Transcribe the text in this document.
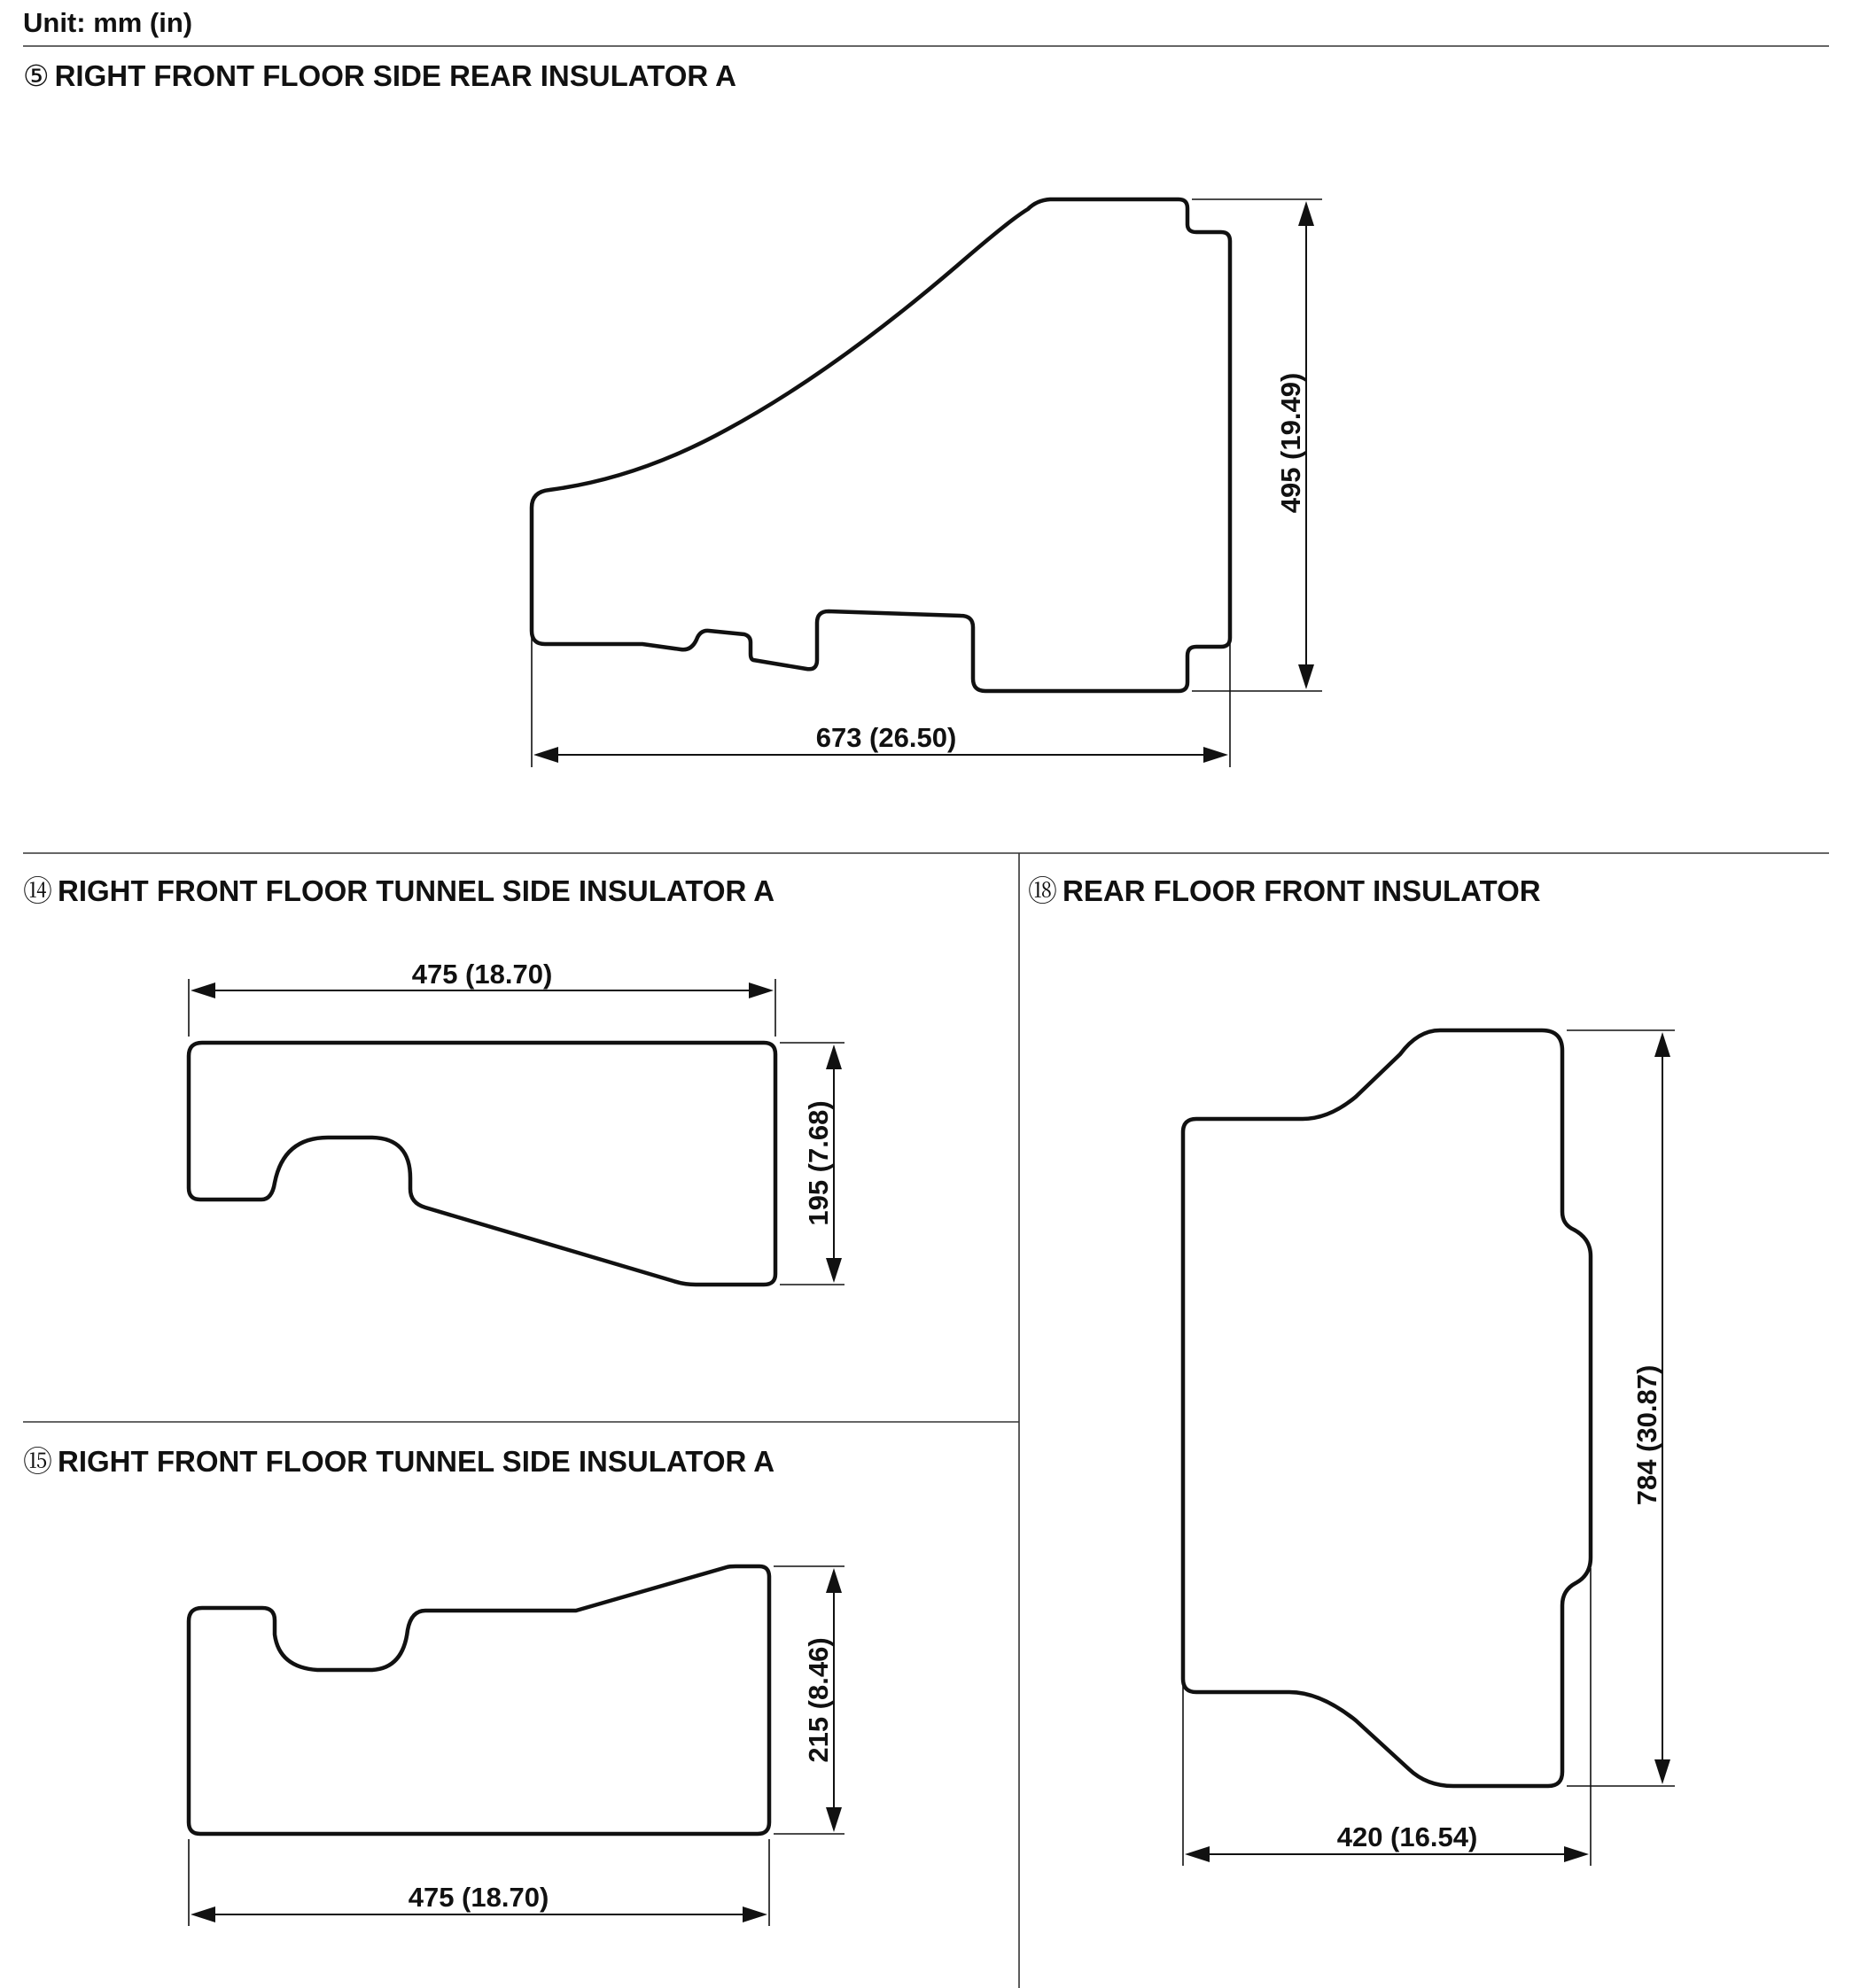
Unit: mm (in)
⑤ RIGHT FRONT FLOOR SIDE REAR INSULATOR A
⑭ RIGHT FRONT FLOOR TUNNEL SIDE INSULATOR A
⑮ RIGHT FRONT FLOOR TUNNEL SIDE INSULATOR A
⑱ REAR FLOOR FRONT INSULATOR
495 (19.49)
673 (26.50)
475 (18.70)
195 (7.68)
215 (8.46)
475 (18.70)
784 (30.87)
420 (16.54)
